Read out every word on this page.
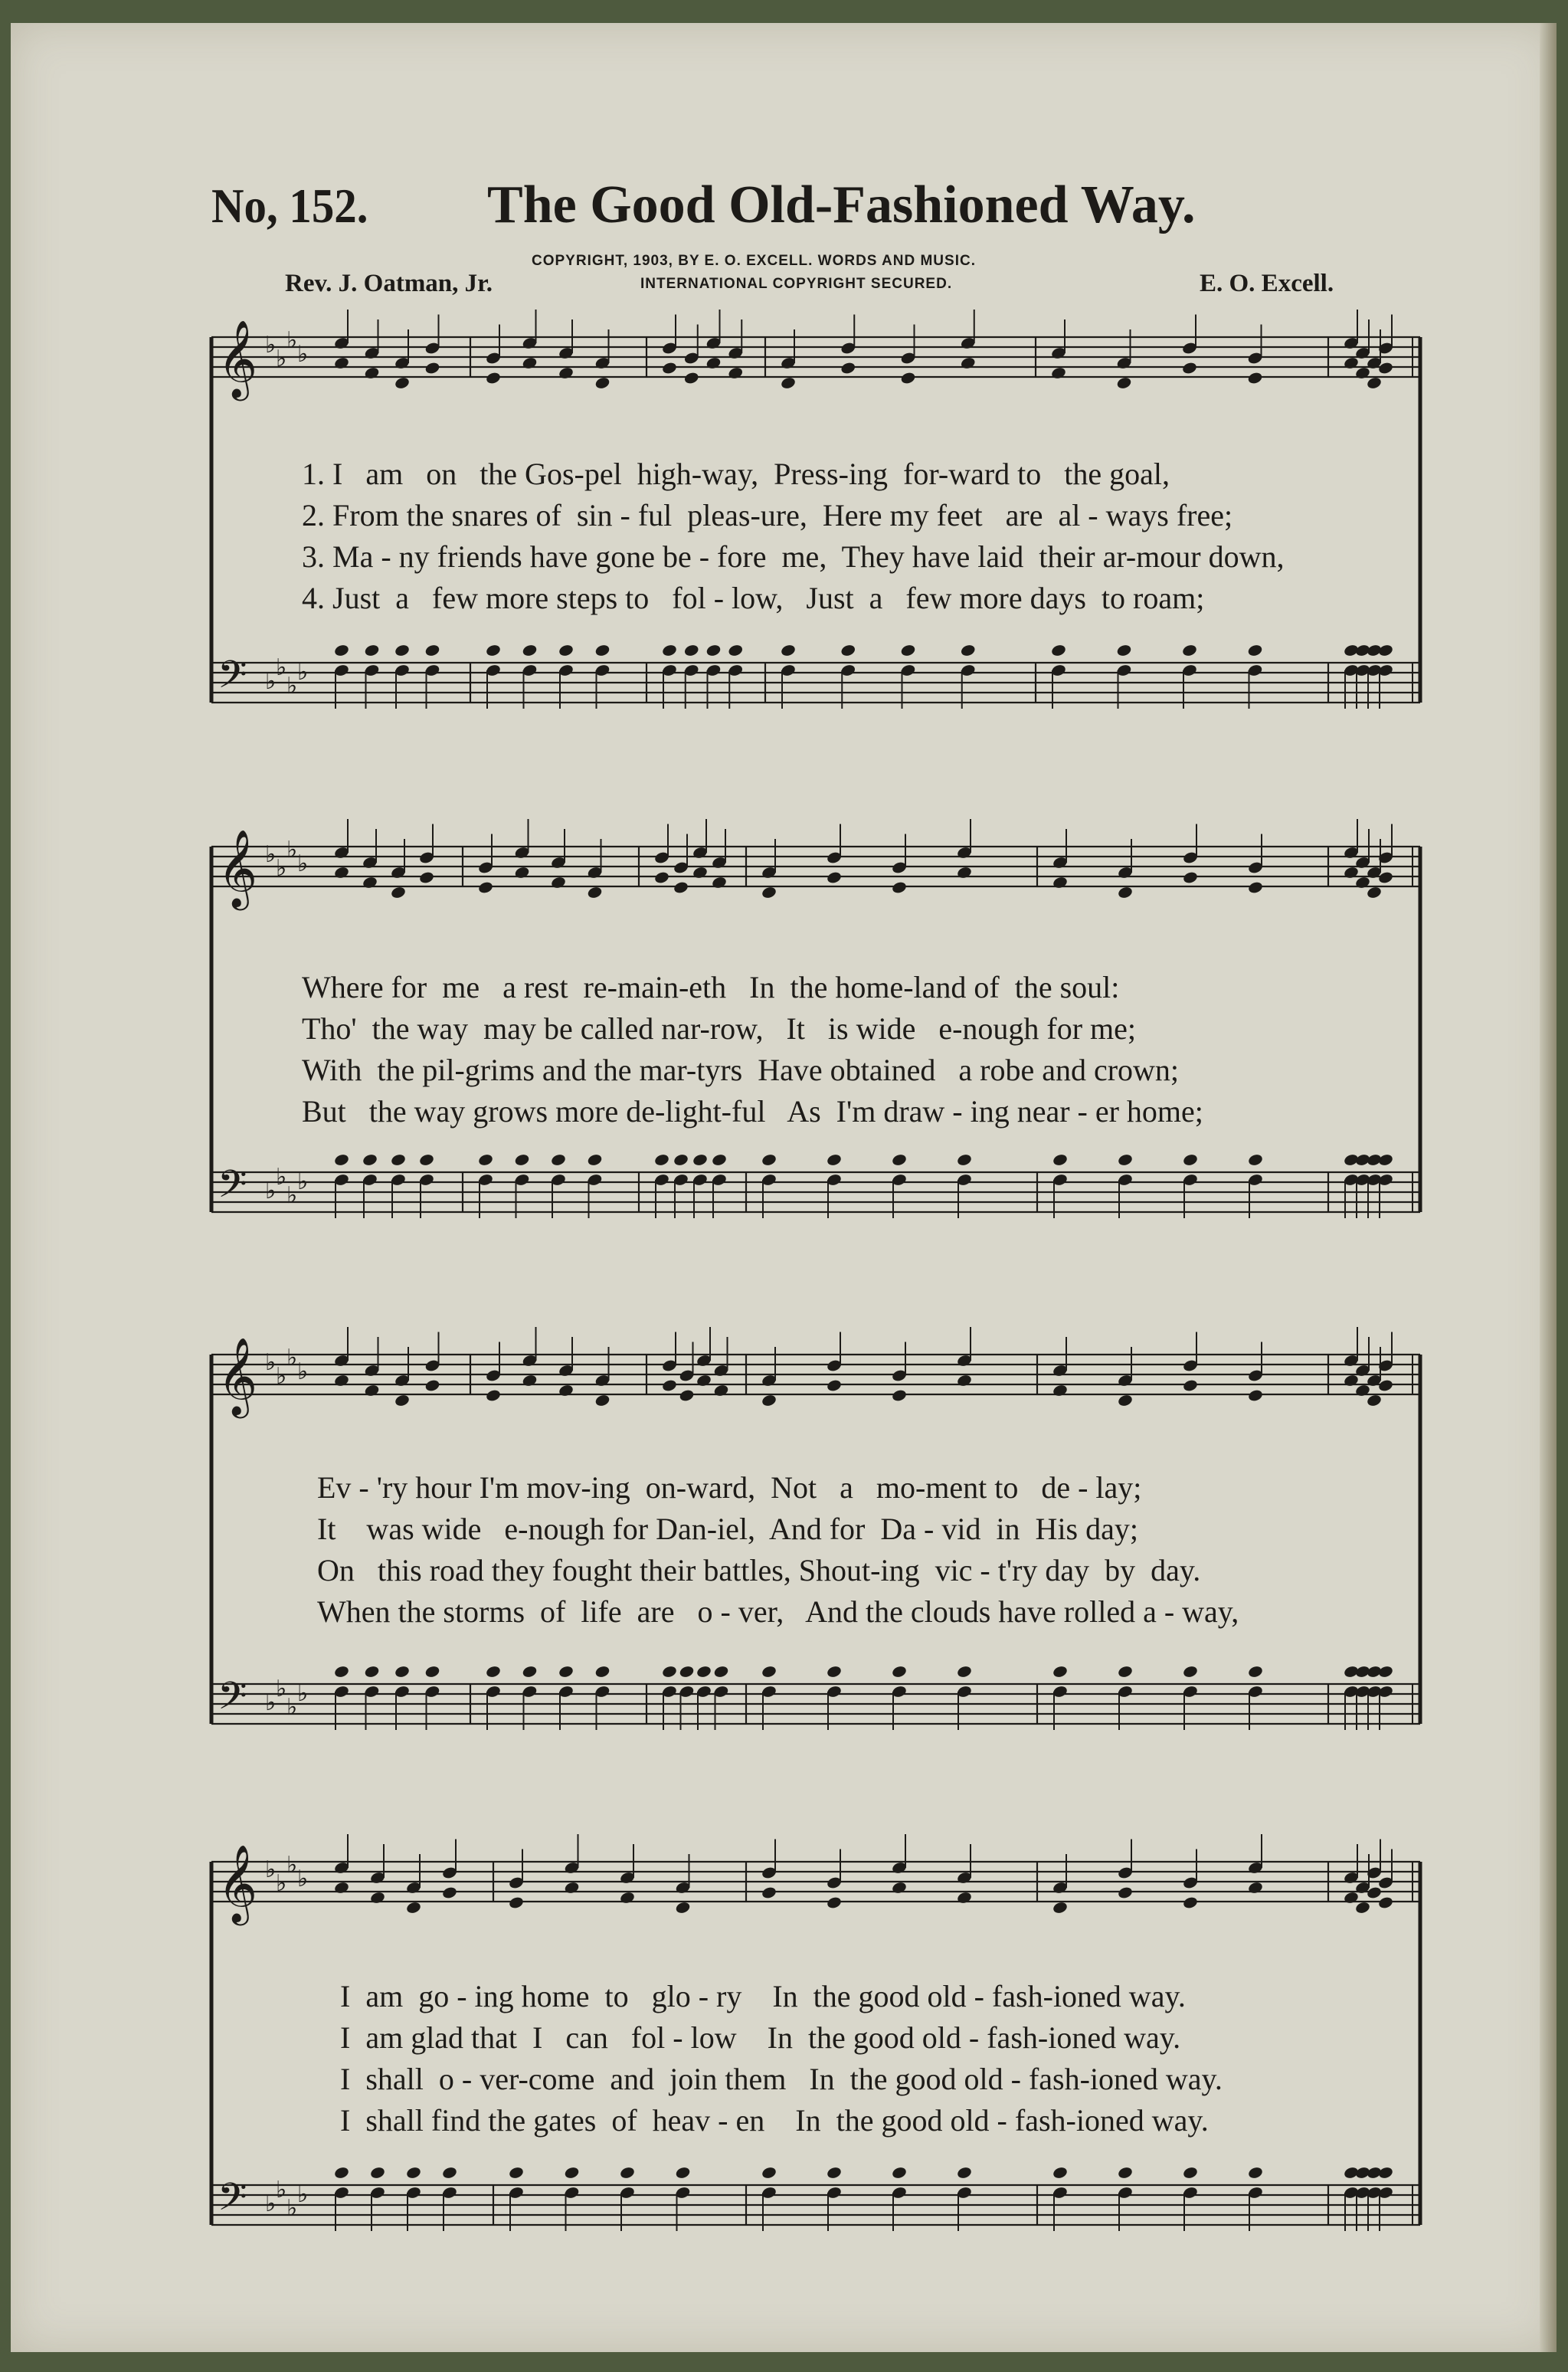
No, 152. The Good Old-Fashioned Way.
COPYRIGHT, 1903, BY E. O. EXCELL. WORDS AND MUSIC.
INTERNATIONAL COPYRIGHT SECURED.
Rev. J. Oatman, Jr.	E. O. Excell.
𝄞 ♭
♭
♭
♭
𝄢 ♭
♭
♭
♭
𝄞 ♭
♭
♭
♭
𝄢 ♭
♭
♭
♭
𝄞 ♭
♭
♭
♭
𝄢 ♭
♭
♭
♭
𝄞 ♭
♭
♭
♭
𝄢 ♭
♭
♭
♭
1. I   am   on   the Gos-pel  high-way,  Press-ing  for-ward to   the goal,
2. From the snares of  sin - ful  pleas-ure,  Here my feet   are  al - ways free;
3. Ma - ny friends have gone be - fore  me,  They have laid  their ar-mour down,
4. Just  a   few more steps to   fol - low,   Just  a   few more days  to roam;
Where for  me   a rest  re-main-eth   In  the home-land of  the soul:
Tho'  the way  may be called nar-row,   It   is wide   e-nough for me;
With  the pil-grims and the mar-tyrs  Have obtained   a robe and crown;
But   the way grows more de-light-ful   As  I'm draw - ing near - er home;
Ev - 'ry hour I'm mov-ing  on-ward,  Not   a   mo-ment to   de - lay;
It    was wide   e-nough for Dan-iel,  And for  Da - vid  in  His day;
On   this road they fought their battles, Shout-ing  vic - t'ry day  by  day.
When the storms  of  life  are   o - ver,   And the clouds have rolled a - way,
I  am  go - ing home  to   glo - ry    In  the good old - fash-ioned way.
I  am glad that  I   can   fol - low    In  the good old - fash-ioned way.
I  shall  o - ver-come  and  join them   In  the good old - fash-ioned way.
I  shall find the gates  of  heav - en    In  the good old - fash-ioned way.
